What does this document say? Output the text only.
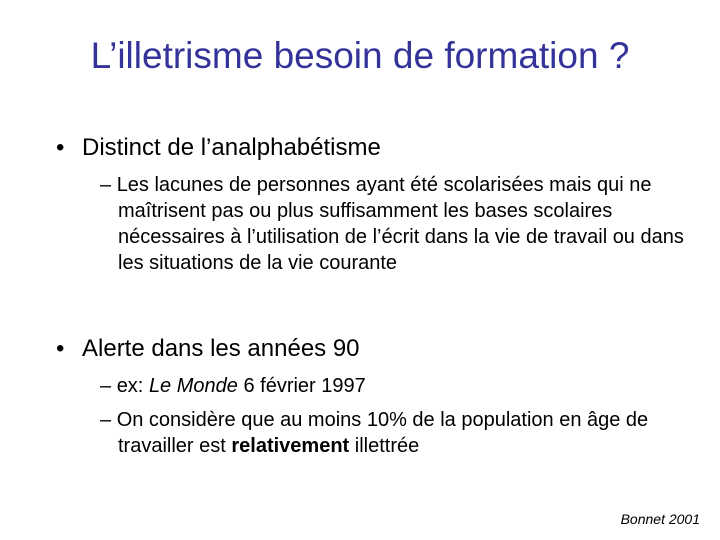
L’illetrisme besoin de formation ?
• Distinct de l’analphabétisme
– Les lacunes de personnes ayant été scolarisées mais qui ne maîtrisent pas ou plus suffisamment les bases scolaires nécessaires à l’utilisation de l’écrit dans la vie de travail ou dans les situations de la vie courante
• Alerte dans les années 90
– ex: Le Monde 6 février 1997
– On considère que au moins 10% de la population en âge de travailler est relativement illettrée
Bonnet 2001
